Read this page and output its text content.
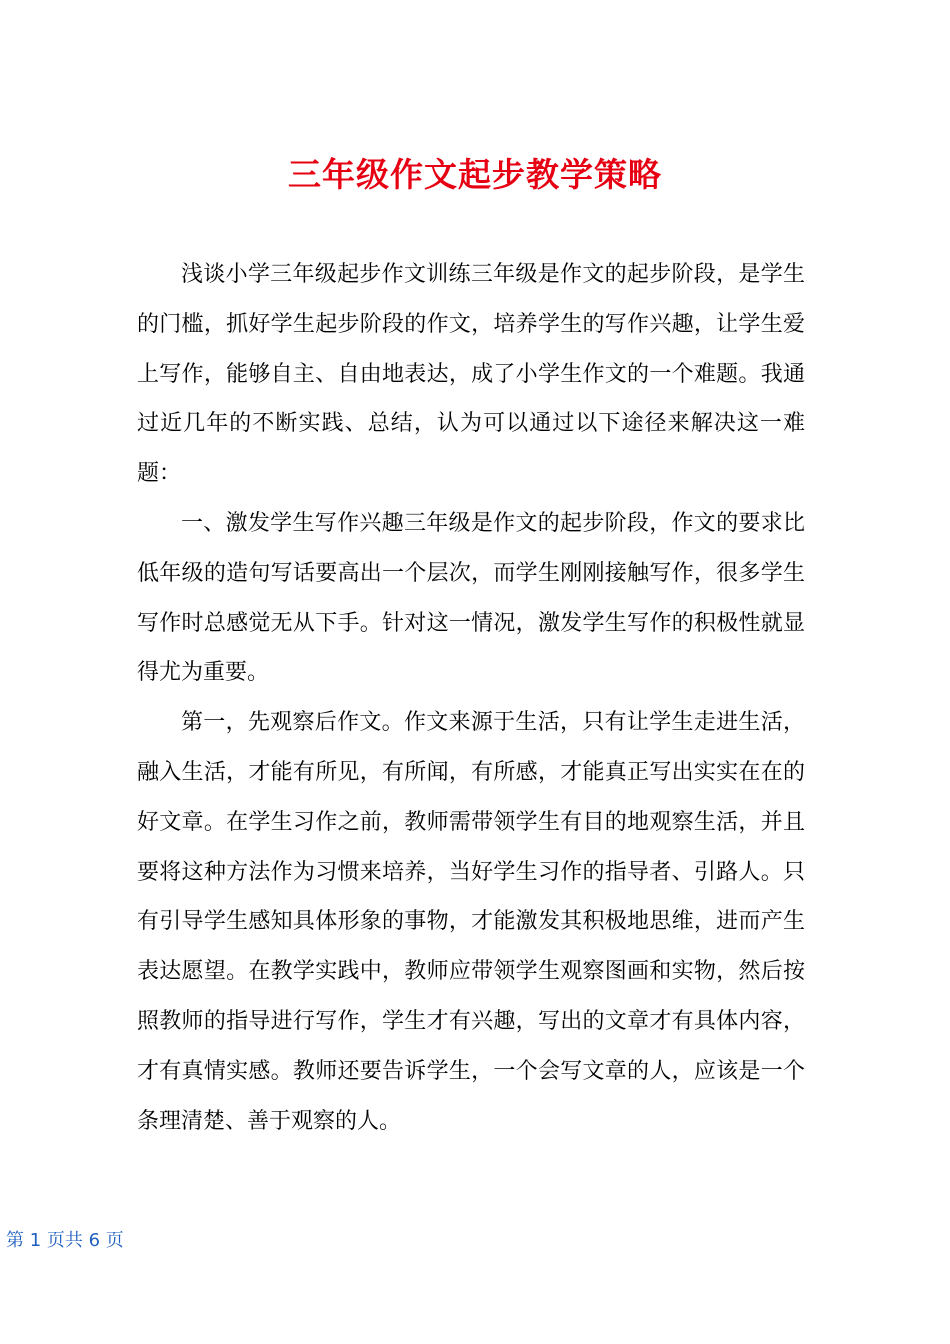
三年级作文起步教学策略

浅谈小学三年级起步作文训练三年级是作文的起步阶段，是学生的门槛，抓好学生起步阶段的作文，培养学生的写作兴趣，让学生爱上写作，能够自主、自由地表达，成了小学生作文的一个难题。我通过近几年的不断实践、总结，认为可以通过以下途径来解决这一难题：

一、激发学生写作兴趣三年级是作文的起步阶段，作文的要求比低年级的造句写话要高出一个层次，而学生刚刚接触写作，很多学生写作时总感觉无从下手。针对这一情况，激发学生写作的积极性就显得尤为重要。

第一，先观察后作文。作文来源于生活，只有让学生走进生活，融入生活，才能有所见，有所闻，有所感，才能真正写出实实在在的好文章。在学生习作之前，教师需带领学生有目的地观察生活，并且要将这种方法作为习惯来培养，当好学生习作的指导者、引路人。只有引导学生感知具体形象的事物，才能激发其积极地思维，进而产生表达愿望。在教学实践中，教师应带领学生观察图画和实物，然后按照教师的指导进行写作，学生才有兴趣，写出的文章才有具体内容，才有真情实感。教师还要告诉学生，一个会写文章的人，应该是一个条理清楚、善于观察的人。

第 1 页共 6 页
